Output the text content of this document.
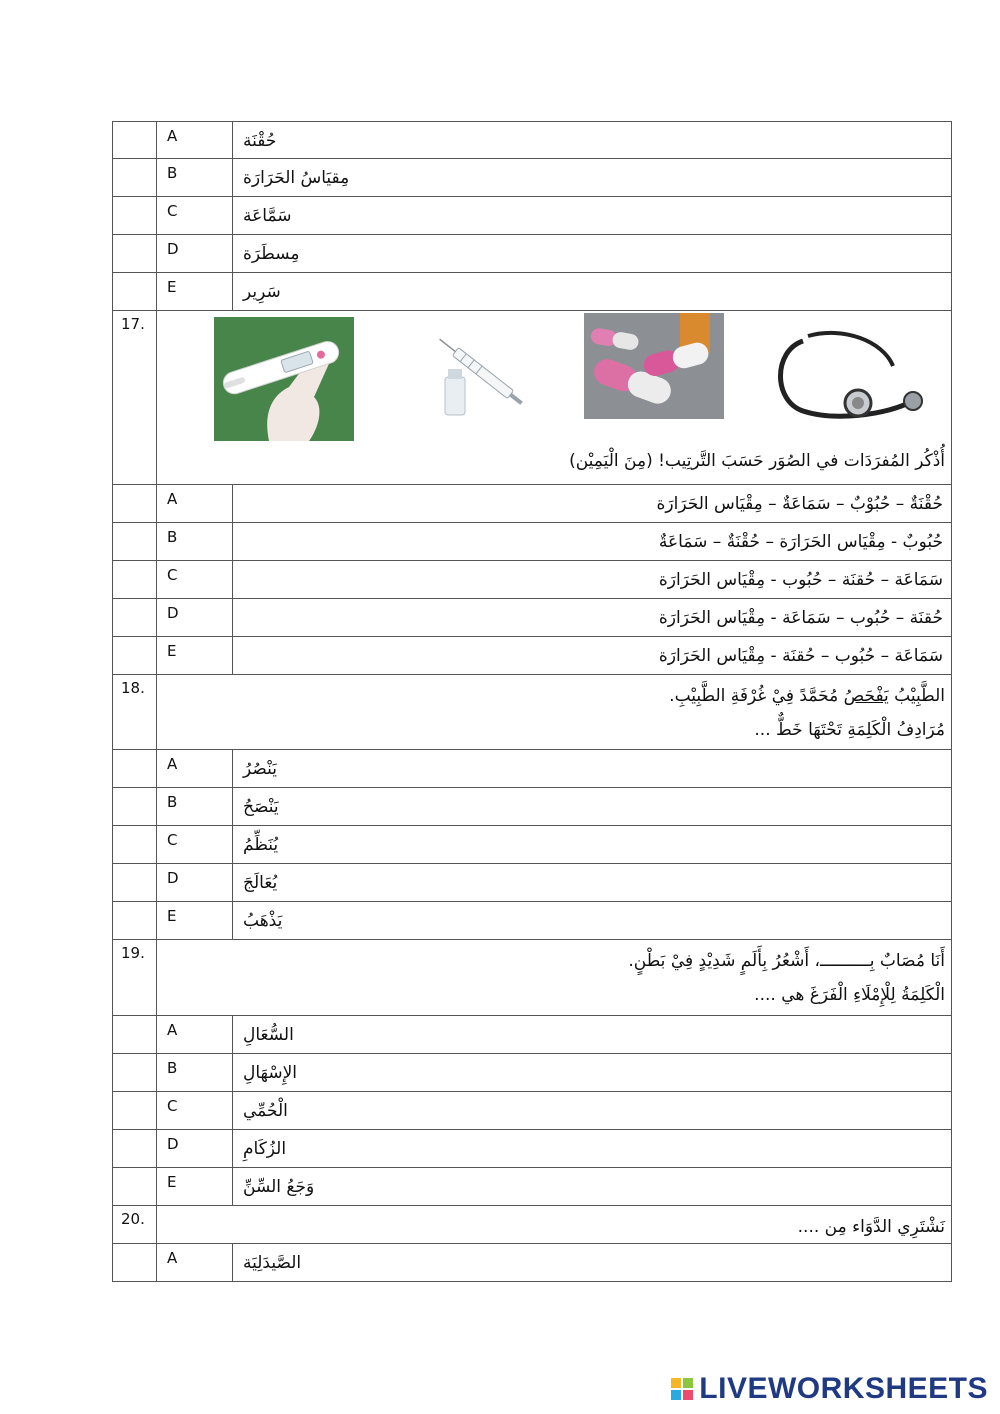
A	حُقْنَة
B	مِقيَاسُ الحَرَارَة
C	سَمَّاعَة
D	مِسطَرَة
E	سَرِير
17.
أُذْكُر المُفرَدَات في الصُوَر حَسَبَ التَّرتِيب! (مِنَ الْيَمِيْن)
A	حُقْنَةٌ – حُبُوْبٌ – سَمَاعَةٌ – مِقْيَاس الحَرَارَة
B	حُبُوبٌ - مِقْيَاس الحَرَارَة – حُقْنَةٌ – سَمَاعَةٌ
C	سَمَاعَة – حُقنَة – حُبُوب - مِقْيَاس الحَرَارَة
D	حُقنَة – حُبُوب – سَمَاعَة - مِقْيَاس الحَرَارَة
E	سَمَاعَة – حُبُوب – حُقنَة - مِقْيَاس الحَرَارَة
18.	الطَّبِيْبُ يَفْحَصُ مُحَمَّدً فِيْ غُرْفَةِ الطَّبِيْبِ.
مُرَادِفُ الْكَلِمَةِ تَحْتَهَا خَطٌّ ...
A	يَنْصُرُ
B	يَنْصَحُ
C	يُنَظِّمُ
D	يُعَالَجَ
E	يَذْهَبُ
19.	أَنَا مُصَابٌ بِــــــــــ، أَشْعُرُ بِأَلَمٍ شَدِيْدٍ فِيْ بَطْنٍ.
الْكَلِمَةُ لِلْإِمْلَاءِ الْفَرَغَ هي ....
A	السُّعَالِ
B	الإِسْهَالِ
C	الْحُمِّي
D	الزُكَامِ
E	وَجَعُ السِّنِّ
20.	نَشْتَرِي الدَّوَاء مِن ....
A	الصَّيدَلِيَة
LIVEWORKSHEETS
